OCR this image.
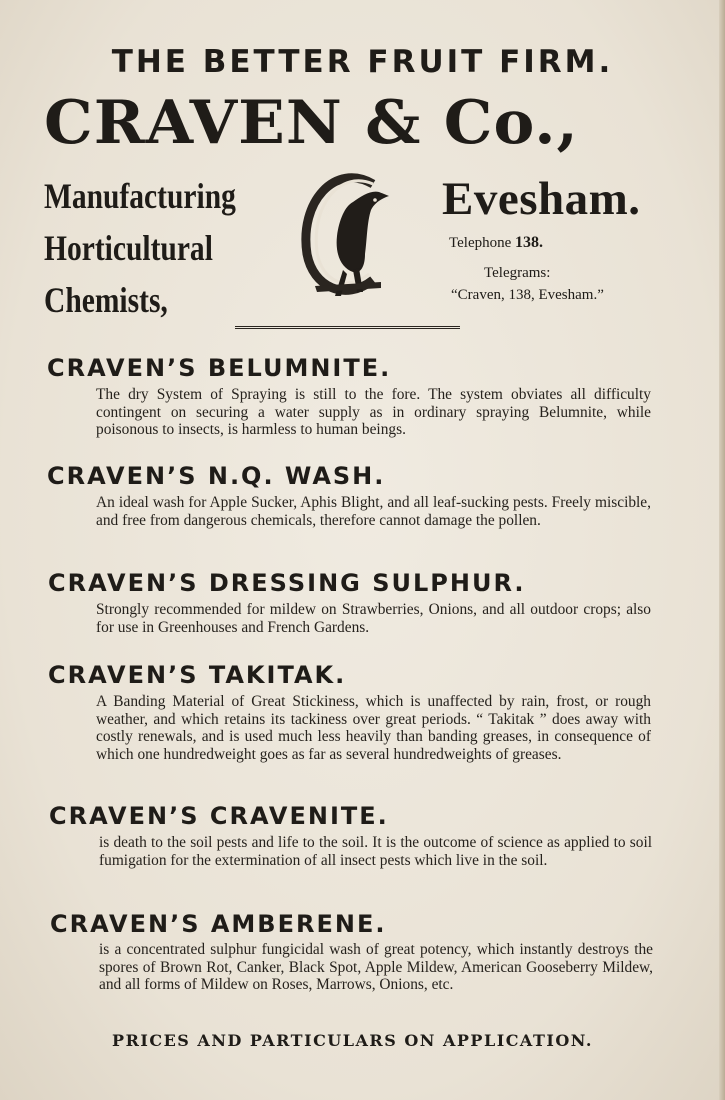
THE BETTER FRUIT FIRM.
CRAVEN & Co.,
Manufacturing
Horticultural
Chemists,
Evesham.
Telephone 138.
Telegrams:
“Craven, 138, Evesham.”
CRAVEN’S BELUMNITE.
The dry System of Spraying is still to the fore. The system obviates all difficulty contingent on securing a water supply as in ordinary spraying Belumnite, while poisonous to insects, is harmless to human beings.
CRAVEN’S N.Q. WASH.
An ideal wash for Apple Sucker, Aphis Blight, and all leaf-sucking pests. Freely miscible, and free from dangerous chemicals, therefore cannot damage the pollen.
CRAVEN’S DRESSING SULPHUR.
Strongly recommended for mildew on Strawberries, Onions, and all outdoor crops; also for use in Greenhouses and French Gardens.
CRAVEN’S TAKITAK.
A Banding Material of Great Stickiness, which is unaffected by rain, frost, or rough weather, and which retains its tackiness over great periods. “ Takitak ” does away with costly renewals, and is used much less heavily than banding greases, in consequence of which one hundredweight goes as far as several hundredweights of greases.
CRAVEN’S CRAVENITE.
is death to the soil pests and life to the soil. It is the outcome of science as applied to soil fumigation for the extermination of all insect pests which live in the soil.
CRAVEN’S AMBERENE.
is a concentrated sulphur fungicidal wash of great potency, which instantly destroys the spores of Brown Rot, Canker, Black Spot, Apple Mildew, American Gooseberry Mildew, and all forms of Mildew on Roses, Marrows, Onions, etc.
PRICES AND PARTICULARS ON APPLICATION.
